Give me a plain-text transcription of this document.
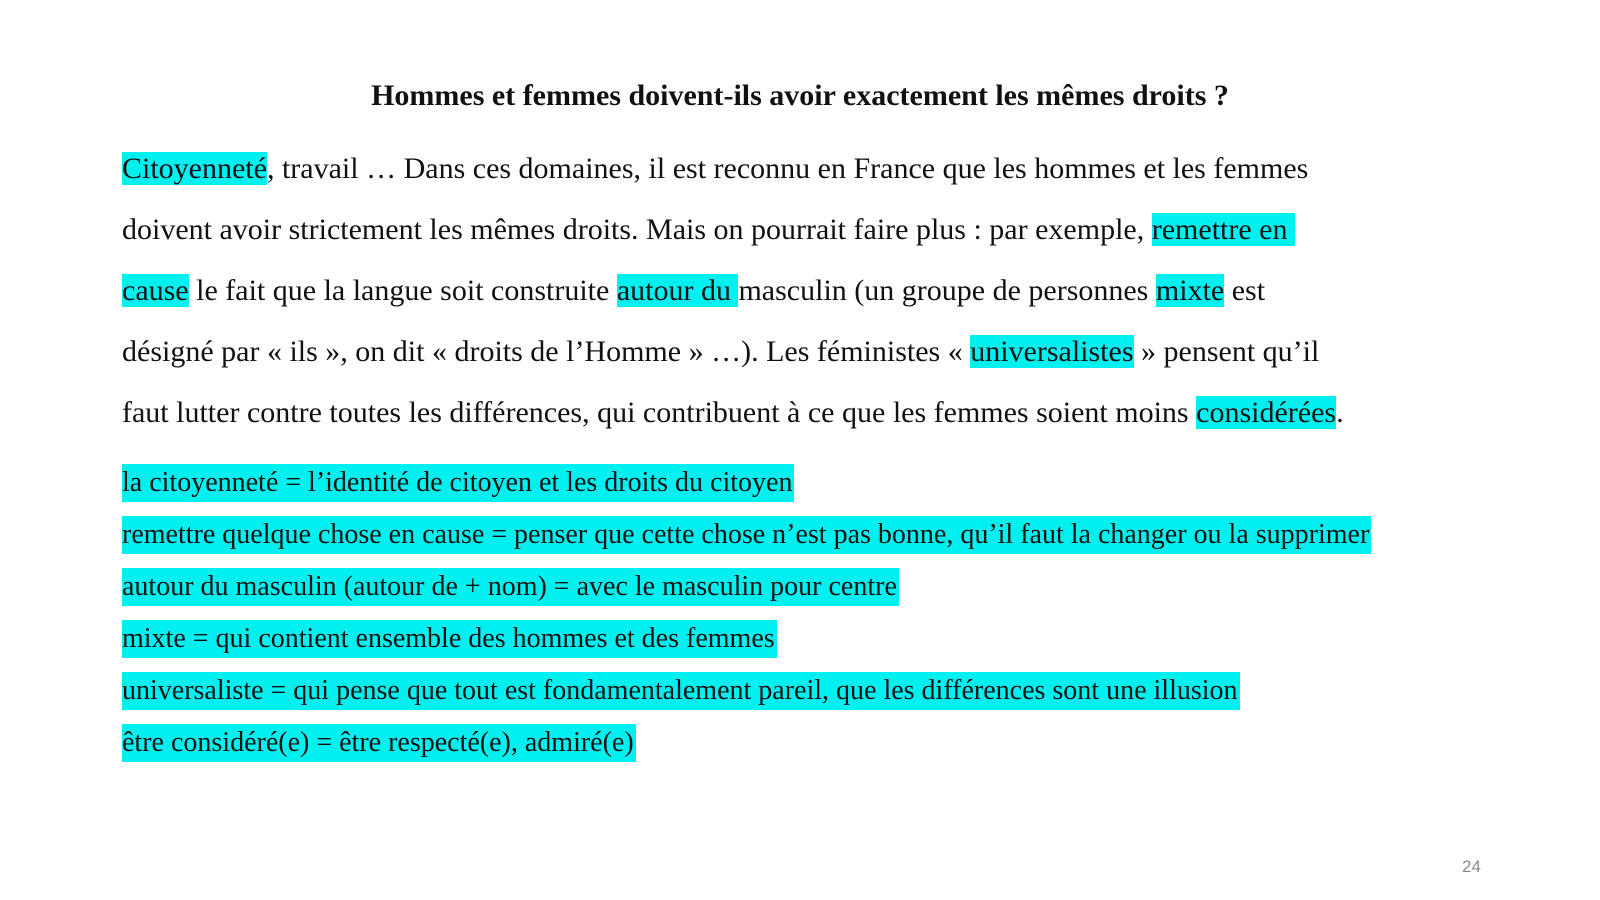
Hommes et femmes doivent-ils avoir exactement les mêmes droits ?
Citoyenneté, travail … Dans ces domaines, il est reconnu en France que les hommes et les femmes
doivent avoir strictement les mêmes droits. Mais on pourrait faire plus : par exemple, remettre en
cause le fait que la langue soit construite autour du masculin (un groupe de personnes mixte est
désigné par « ils », on dit « droits de l’Homme » …). Les féministes « universalistes » pensent qu’il
faut lutter contre toutes les différences, qui contribuent à ce que les femmes soient moins considérées.
la citoyenneté = l’identité de citoyen et les droits du citoyen
remettre quelque chose en cause = penser que cette chose n’est pas bonne, qu’il faut la changer ou la supprimer
autour du masculin (autour de + nom) = avec le masculin pour centre
mixte = qui contient ensemble des hommes et des femmes
universaliste = qui pense que tout est fondamentalement pareil, que les différences sont une illusion
être considéré(e) = être respecté(e), admiré(e)
24
